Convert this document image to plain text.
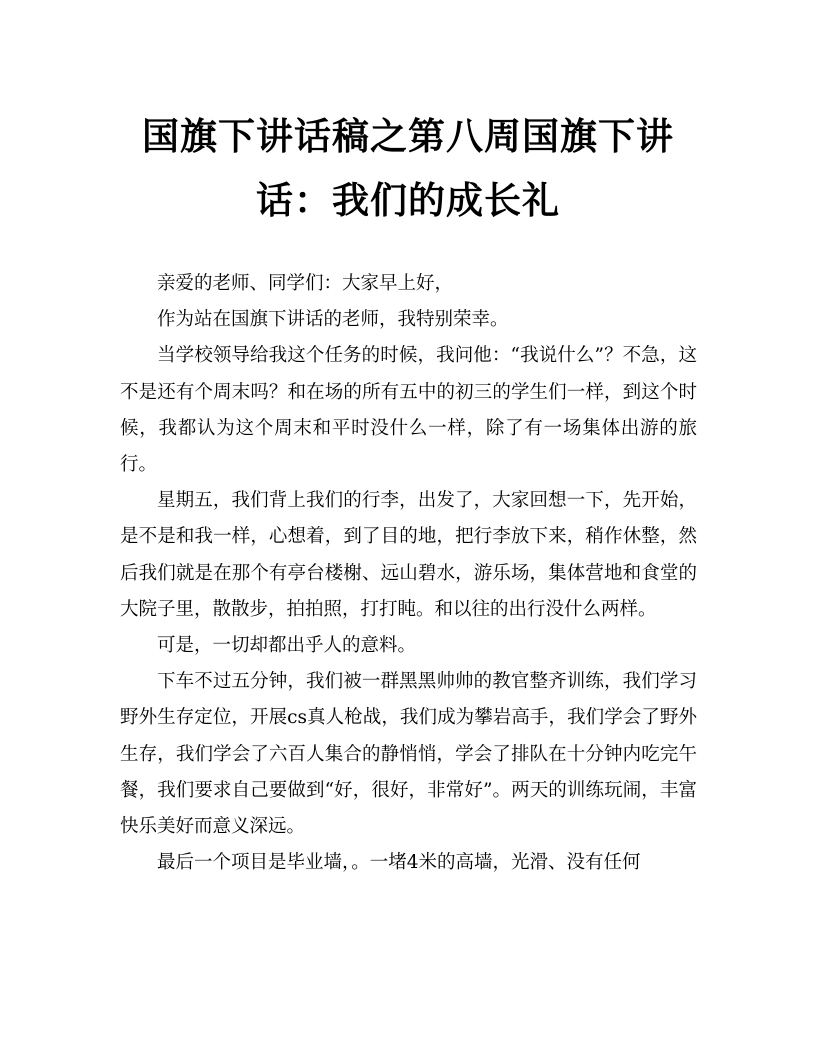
国旗下讲话稿之第八周国旗下讲话：我们的成长礼

亲爱的老师、同学们：大家早上好，

作为站在国旗下讲话的老师，我特别荣幸。

当学校领导给我这个任务的时候，我问他：“我说什么”？不急，这不是还有个周末吗？和在场的所有五中的初三的学生们一样，到这个时候，我都认为这个周末和平时没什么一样，除了有一场集体出游的旅行。

星期五，我们背上我们的行李，出发了，大家回想一下，先开始，是不是和我一样，心想着，到了目的地，把行李放下来，稍作休整，然后我们就是在那个有亭台楼榭、远山碧水，游乐场，集体营地和食堂的大院子里，散散步，拍拍照，打打盹。和以往的出行没什么两样。

可是，一切却都出乎人的意料。

下车不过五分钟，我们被一群黑黑帅帅的教官整齐训练，我们学习野外生存定位，开展cs真人枪战，我们成为攀岩高手，我们学会了野外生存，我们学会了六百人集合的静悄悄，学会了排队在十分钟内吃完午餐，我们要求自己要做到“好，很好，非常好”。两天的训练玩闹，丰富快乐美好而意义深远。

最后一个项目是毕业墙，。一堵4米的高墙，光滑、没有任何
